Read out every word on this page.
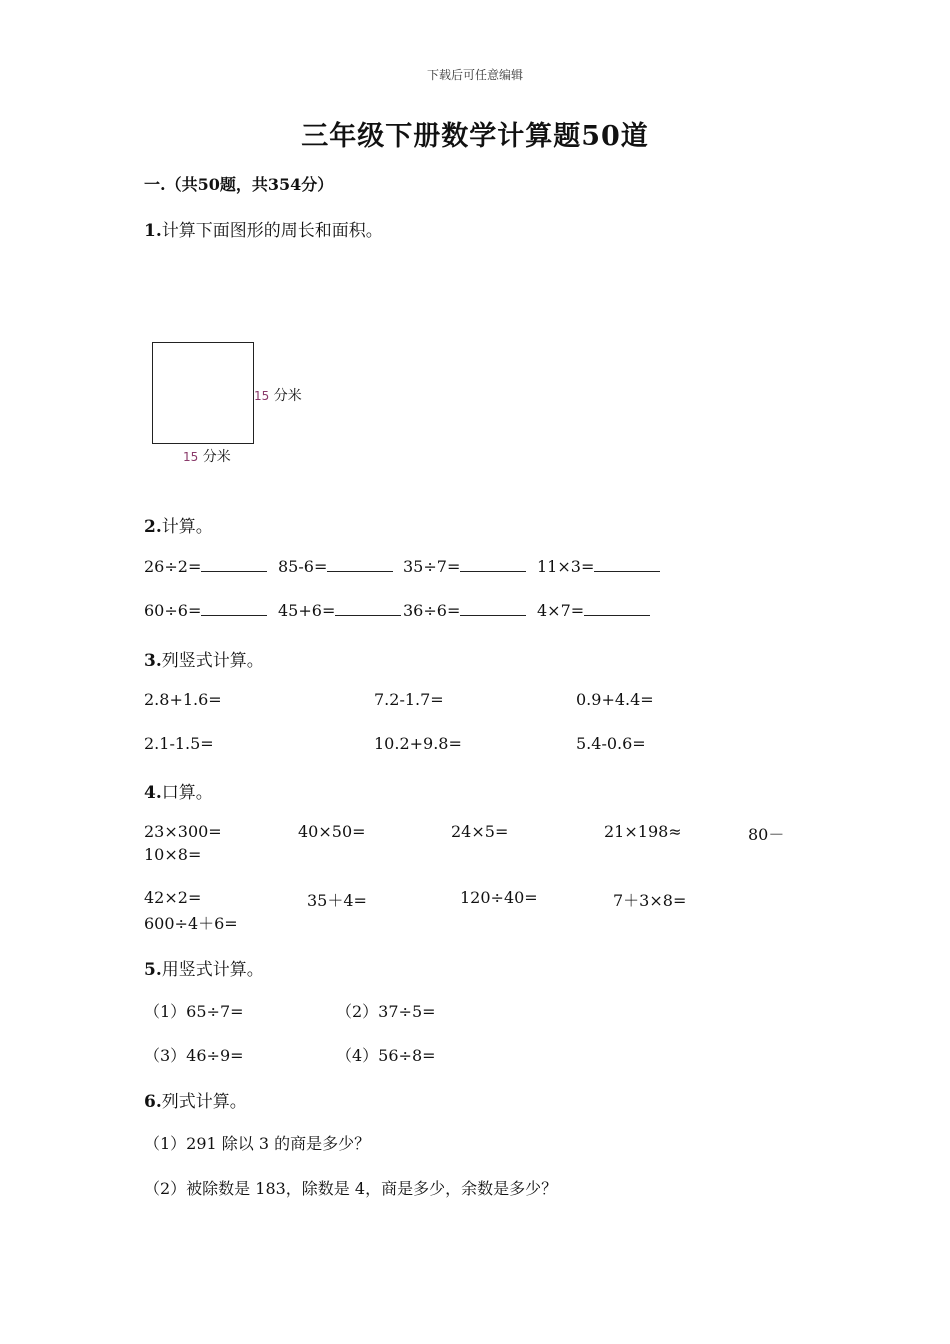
下载后可任意编辑
三年级下册数学计算题50道
一.（共50题，共354分）
1.计算下面图形的周长和面积。
15 分米
15 分米
2.计算。
26÷2=	85-6=	35÷7=	11×3=
60÷6=	45+6=	36÷6=	4×7=
3.列竖式计算。
2.8+1.6=	7.2-1.7=	0.9+4.4=
2.1-1.5=	10.2+9.8=	5.4-0.6=
4.口算。
23×300=	40×50=	24×5=	21×198≈	80－
10×8=
42×2=	35＋4=	120÷40=	7＋3×8=
600÷4＋6=
5.用竖式计算。
（1）65÷7=	（2）37÷5=
（3）46÷9=	（4）56÷8=
6.列式计算。
（1）291 除以 3 的商是多少？
（2）被除数是 183，除数是 4，商是多少，余数是多少？
